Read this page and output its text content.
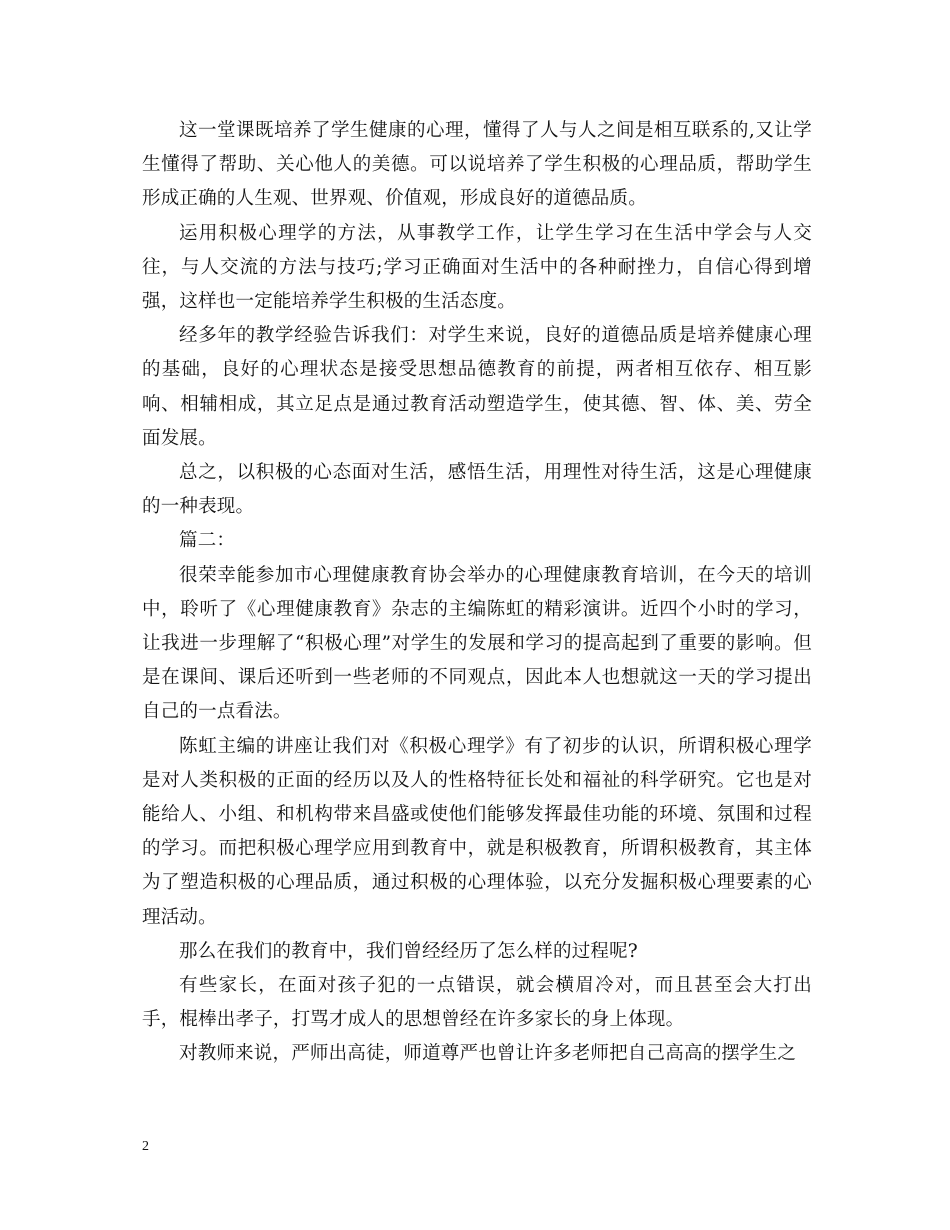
这一堂课既培养了学生健康的心理，懂得了人与人之间是相互联系的,又让学生懂得了帮助、关心他人的美德。可以说培养了学生积极的心理品质，帮助学生形成正确的人生观、世界观、价值观，形成良好的道德品质。

运用积极心理学的方法，从事教学工作，让学生学习在生活中学会与人交往，与人交流的方法与技巧;学习正确面对生活中的各种耐挫力，自信心得到增强，这样也一定能培养学生积极的生活态度。

经多年的教学经验告诉我们：对学生来说，良好的道德品质是培养健康心理的基础，良好的心理状态是接受思想品德教育的前提，两者相互依存、相互影响、相辅相成，其立足点是通过教育活动塑造学生，使其德、智、体、美、劳全面发展。

总之，以积极的心态面对生活，感悟生活，用理性对待生活，这是心理健康的一种表现。

篇二：

很荣幸能参加市心理健康教育协会举办的心理健康教育培训，在今天的培训中，聆听了《心理健康教育》杂志的主编陈虹的精彩演讲。近四个小时的学习，让我进一步理解了“积极心理”对学生的发展和学习的提高起到了重要的影响。但是在课间、课后还听到一些老师的不同观点，因此本人也想就这一天的学习提出自己的一点看法。

陈虹主编的讲座让我们对《积极心理学》有了初步的认识，所谓积极心理学是对人类积极的正面的经历以及人的性格特征长处和福祉的科学研究。它也是对能给人、小组、和机构带来昌盛或使他们能够发挥最佳功能的环境、氛围和过程的学习。而把积极心理学应用到教育中，就是积极教育，所谓积极教育，其主体为了塑造积极的心理品质，通过积极的心理体验，以充分发掘积极心理要素的心理活动。

那么在我们的教育中，我们曾经经历了怎么样的过程呢?

有些家长，在面对孩子犯的一点错误，就会横眉冷对，而且甚至会大打出手，棍棒出孝子，打骂才成人的思想曾经在许多家长的身上体现。

对教师来说，严师出高徒，师道尊严也曾让许多老师把自己高高的摆学生之

2
